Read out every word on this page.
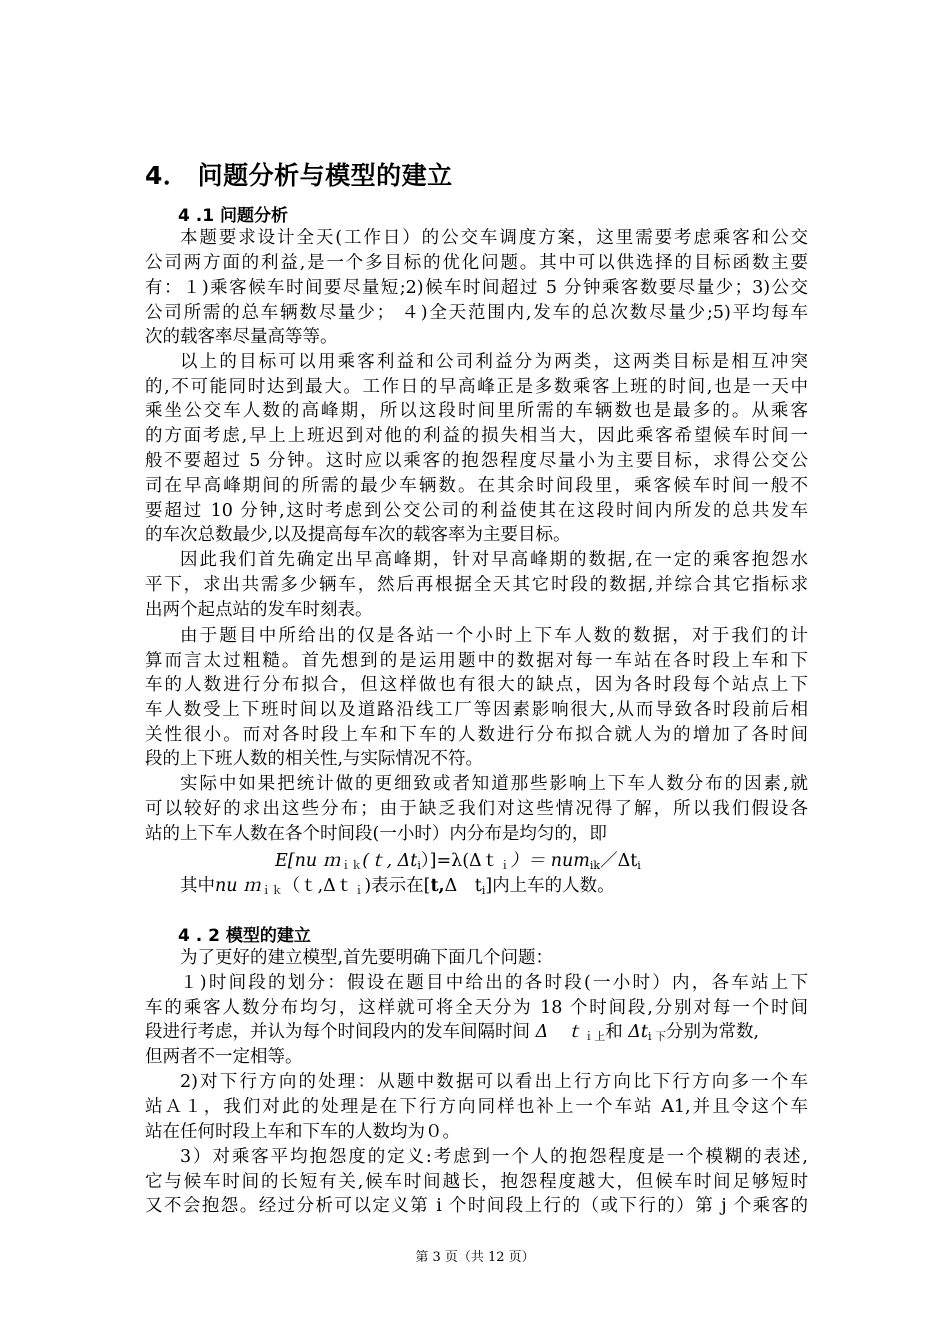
4． 问题分析与模型的建立
4 .1 问题分析

本题要求设计全天(工作日）的公交车调度方案，这里需要考虑乘客和公交

公司两方面的利益,是一个多目标的优化问题。其中可以供选择的目标函数主要

有：１)乘客候车时间要尽量短;2)候车时间超过 5 分钟乘客数要尽量少；3)公交

公司所需的总车辆数尽量少； ４)全天范围内,发车的总次数尽量少;5)平均每车

次的载客率尽量高等等。

以上的目标可以用乘客利益和公司利益分为两类，这两类目标是相互冲突

的,不可能同时达到最大。工作日的早高峰正是多数乘客上班的时间,也是一天中

乘坐公交车人数的高峰期，所以这段时间里所需的车辆数也是最多的。从乘客

的方面考虑,早上上班迟到对他的利益的损失相当大，因此乘客希望候车时间一

般不要超过 5 分钟。这时应以乘客的抱怨程度尽量小为主要目标，求得公交公

司在早高峰期间的所需的最少车辆数。在其余时间段里，乘客候车时间一般不

要超过 10 分钟,这时考虑到公交公司的利益使其在这段时间内所发的总共发车

的车次总数最少,以及提高每车次的载客率为主要目标。

因此我们首先确定出早高峰期，针对早高峰期的数据,在一定的乘客抱怨水

平下，求出共需多少辆车，然后再根据全天其它时段的数据,并综合其它指标求

出两个起点站的发车时刻表。

由于题目中所给出的仅是各站一个小时上下车人数的数据，对于我们的计

算而言太过粗糙。首先想到的是运用题中的数据对每一车站在各时段上车和下

车的人数进行分布拟合，但这样做也有很大的缺点，因为各时段每个站点上下

车人数受上下班时间以及道路沿线工厂等因素影响很大,从而导致各时段前后相

关性很小。而对各时段上车和下车的人数进行分布拟合就人为的增加了各时间

段的上下班人数的相关性,与实际情况不符。

实际中如果把统计做的更细致或者知道那些影响上下车人数分布的因素,就

可以较好的求出这些分布；由于缺乏我们对这些情况得了解，所以我们假设各

站的上下车人数在各个时间段(一小时）内分布是均匀的，即

E[nu ｍ$_{ik}$(ｔ, $\Delta t_i)]=\lambda(\Delta t_i)=$ $num_{ik}/\Delta t_i$

其中nu ｍ$_{ik}$（ｔ,Δｔ$_i$)表示在[t,Δ　$t_i$]内上车的人数。

4 . 2 模型的建立

为了更好的建立模型,首先要明确下面几个问题：

１)时间段的划分：假设在题目中给出的各时段(一小时）内，各车站上下

车的乘客人数分布均匀，这样就可将全天分为 18 个时间段,分别对每一个时间

段进行考虑，并认为每个时间段内的发车间隔时间 Δ　ｔ$_{i上}$和 $\Delta t_{i 下}$分别为常数,

但两者不一定相等。

2)对下行方向的处理：从题中数据可以看出上行方向比下行方向多一个车

站Ａ１，我们对此的处理是在下行方向同样也补上一个车站 A1,并且令这个车

站在任何时段上车和下车的人数均为０。

3）对乘客平均抱怨度的定义:考虑到一个人的抱怨程度是一个模糊的表述,

它与候车时间的长短有关,候车时间越长，抱怨程度越大，但候车时间足够短时

又不会抱怨。经过分析可以定义第 i 个时间段上行的（或下行的）第 j 个乘客的

第 3 页（共 12 页）
